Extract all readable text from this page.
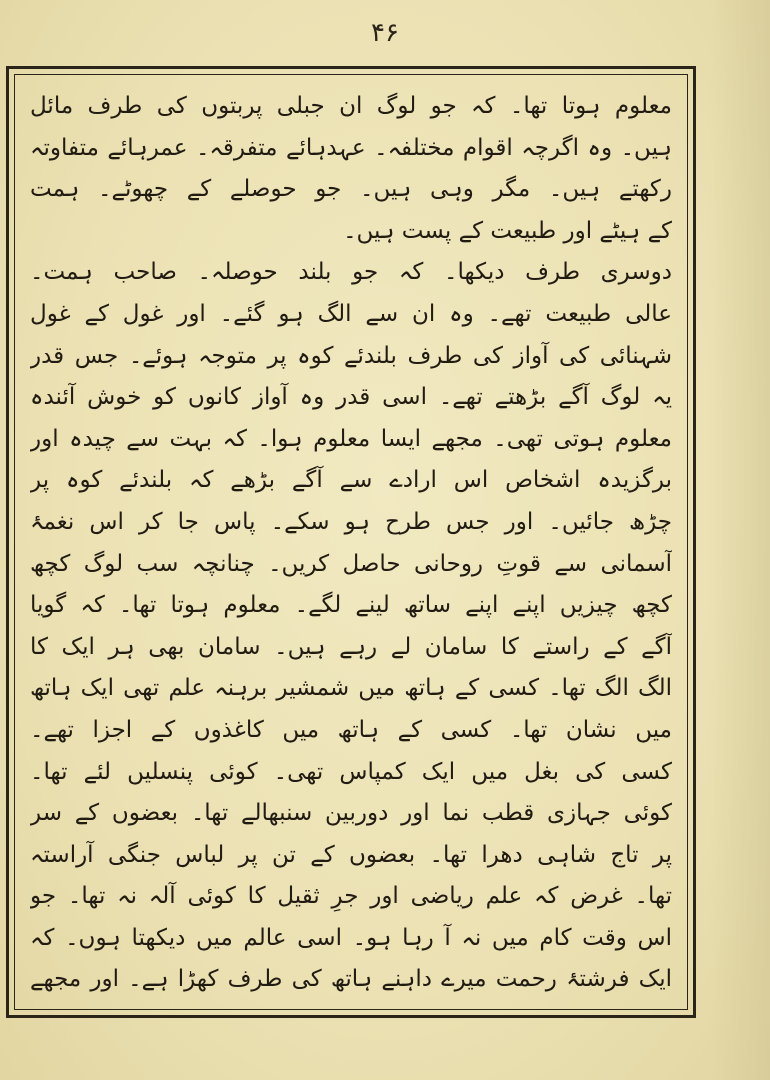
۴۶
معلوم ہوتا تھا۔ کہ جو لوگ ان جبلی پربتوں کی طرف مائل
ہیں۔ وہ اگرچہ اقوام مختلفہ۔ عہدہائے متفرقہ۔ عمرہائے متفاوتہ
رکھتے ہیں۔ مگر وہی ہیں۔ جو حوصلے کے چھوٹے۔ ہمت
کے ہیٹے اور طبیعت کے پست ہیں۔
دوسری طرف دیکھا۔ کہ جو بلند حوصلہ۔ صاحب ہمت۔
عالی طبیعت تھے۔ وہ ان سے الگ ہو گئے۔ اور غول کے غول
شہنائی کی آواز کی طرف بلندئے کوہ پر متوجہ ہوئے۔ جس قدر
یہ لوگ آگے بڑھتے تھے۔ اسی قدر وہ آواز کانوں کو خوش آئندہ
معلوم ہوتی تھی۔ مجھے ایسا معلوم ہوا۔ کہ بہت سے چیدہ اور
برگزیدہ اشخاص اس ارادے سے آگے بڑھے کہ بلندئے کوہ پر
چڑھ جائیں۔ اور جس طرح ہو سکے۔ پاس جا کر اس نغمۂ
آسمانی سے قوتِ روحانی حاصل کریں۔ چنانچہ سب لوگ کچھ
کچھ چیزیں اپنے اپنے ساتھ لینے لگے۔ معلوم ہوتا تھا۔ کہ گویا
آگے کے راستے کا سامان لے رہے ہیں۔ سامان بھی ہر ایک کا
الگ الگ تھا۔ کسی کے ہاتھ میں شمشیر برہنہ علم تھی ایک ہاتھ
میں نشان تھا۔ کسی کے ہاتھ میں کاغذوں کے اجزا تھے۔
کسی کی بغل میں ایک کمپاس تھی۔ کوئی پنسلیں لئے تھا۔
کوئی جہازی قطب نما اور دوربین سنبھالے تھا۔ بعضوں کے سر
پر تاج شاہی دھرا تھا۔ بعضوں کے تن پر لباس جنگی آراستہ
تھا۔ غرض کہ علم ریاضی اور جرِ ثقیل کا کوئی آلہ نہ تھا۔ جو
اس وقت کام میں نہ آ رہا ہو۔ اسی عالم میں دیکھتا ہوں۔ کہ
ایک فرشتۂ رحمت میرے داہنے ہاتھ کی طرف کھڑا ہے۔ اور مجھے
